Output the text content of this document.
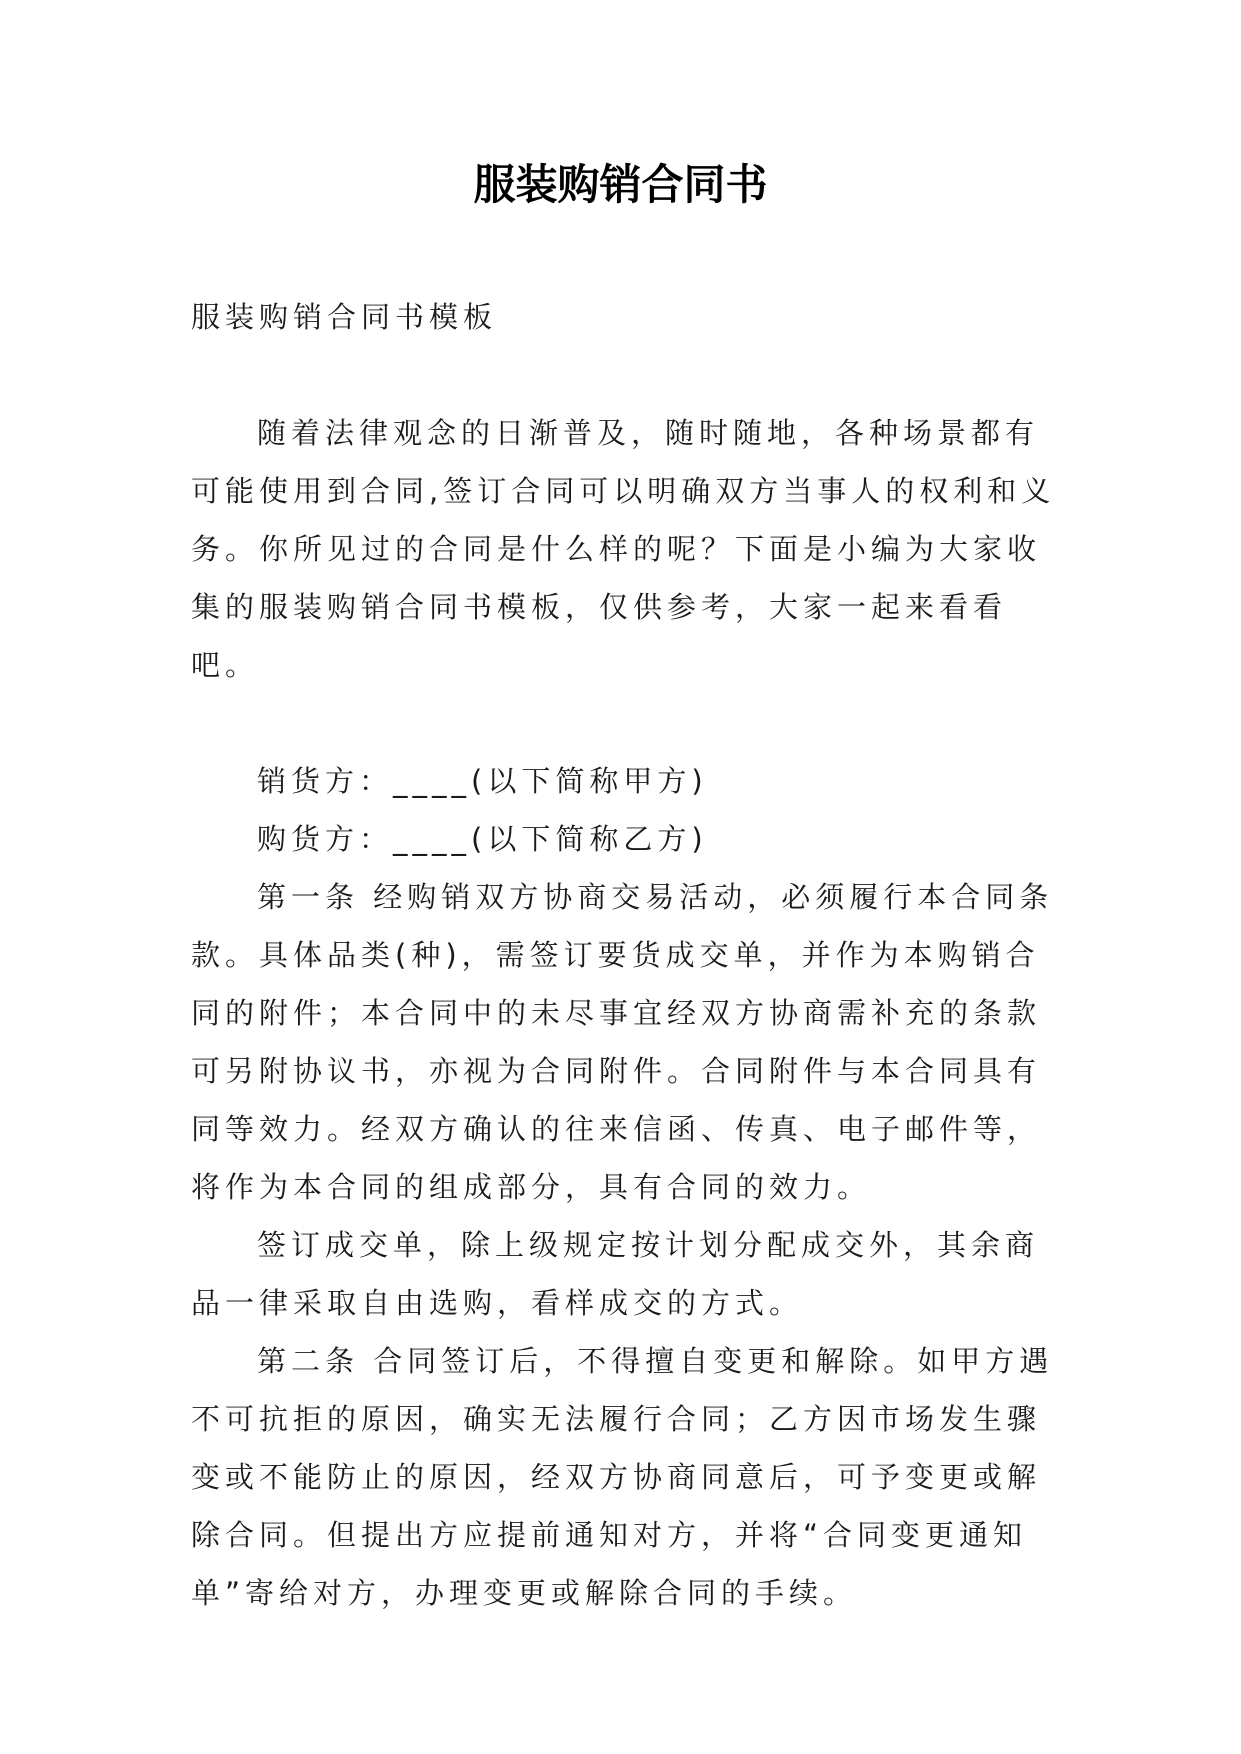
服装购销合同书
服装购销合同书模板

随着法律观念的日渐普及，随时随地，各种场景都有可能使用到合同,签订合同可以明确双方当事人的权利和义务。你所见过的合同是什么样的呢？下面是小编为大家收集的服装购销合同书模板，仅供参考，大家一起来看看吧。

销货方：____(以下简称甲方)

购货方：____(以下简称乙方)

第一条 经购销双方协商交易活动，必须履行本合同条款。具体品类(种)，需签订要货成交单，并作为本购销合同的附件；本合同中的未尽事宜经双方协商需补充的条款可另附协议书，亦视为合同附件。合同附件与本合同具有同等效力。经双方确认的往来信函、传真、电子邮件等，将作为本合同的组成部分，具有合同的效力。

签订成交单，除上级规定按计划分配成交外，其余商品一律采取自由选购，看样成交的方式。

第二条 合同签订后，不得擅自变更和解除。如甲方遇不可抗拒的原因，确实无法履行合同；乙方因市场发生骤变或不能防止的原因，经双方协商同意后，可予变更或解除合同。但提出方应提前通知对方，并将“合同变更通知单”寄给对方，办理变更或解除合同的手续。
